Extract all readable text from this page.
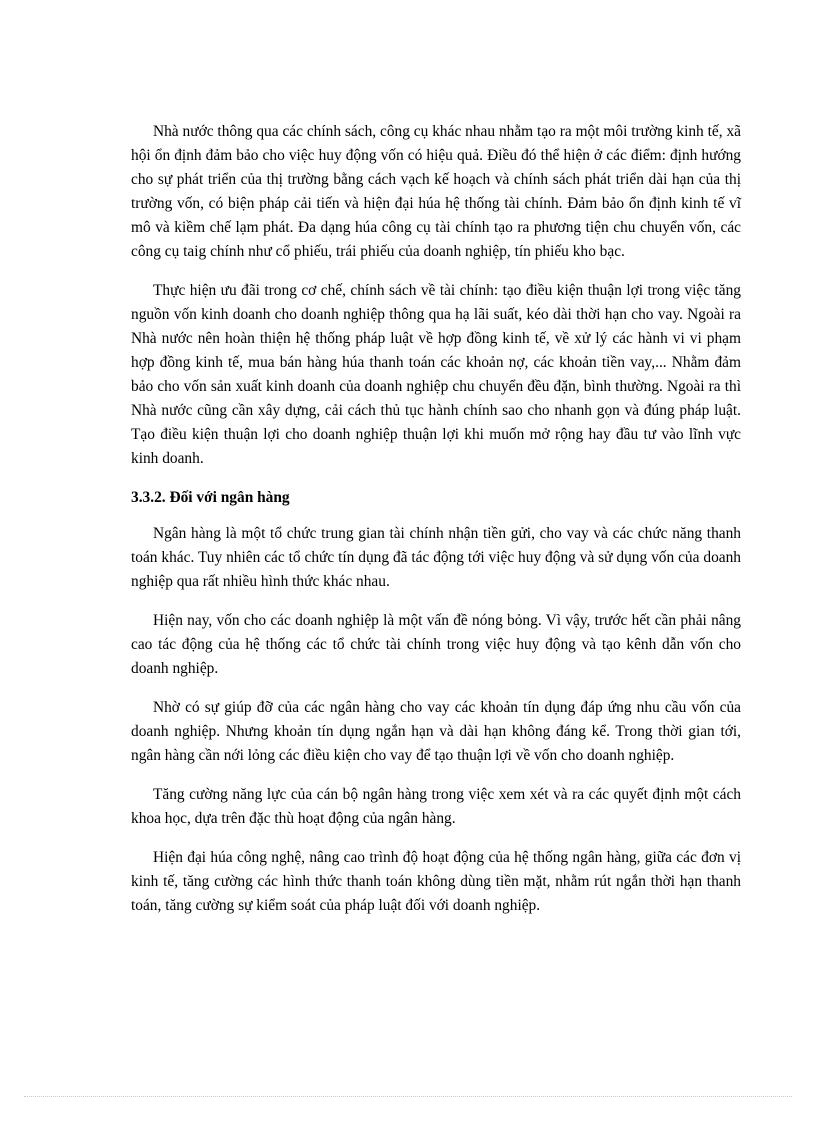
Nhà nước thông qua các chính sách, công cụ khác nhau nhằm tạo ra một môi trường kinh tế, xã hội ổn định đảm bảo cho việc huy động vốn có hiệu quả. Điều đó thể hiện ở các điểm: định hướng cho sự phát triển của thị trường bằng cách vạch kế hoạch và chính sách phát triển dài hạn của thị trường vốn, có biện pháp cải tiến và hiện đại húa hệ thống tài chính. Đảm bảo ổn định kinh tế vĩ mô và kiềm chế lạm phát. Đa dạng húa công cụ tài chính tạo ra phương tiện chu chuyển vốn, các công cụ taig chính như cổ phiếu, trái phiếu của doanh nghiệp, tín phiếu kho bạc.

Thực hiện ưu đãi trong cơ chế, chính sách về tài chính: tạo điều kiện thuận lợi trong việc tăng nguồn vốn kinh doanh cho doanh nghiệp thông qua hạ lãi suất, kéo dài thời hạn cho vay. Ngoài ra Nhà nước nên hoàn thiện hệ thống pháp luật về hợp đồng kinh tế, về xử lý các hành vi vi phạm hợp đồng kinh tế, mua bán hàng húa thanh toán các khoản nợ, các khoản tiền vay,... Nhằm đảm bảo cho vốn sản xuất kinh doanh của doanh nghiệp chu chuyển đều đặn, bình thường. Ngoài ra thì Nhà nước cũng cần xây dựng, cải cách thủ tục hành chính sao cho nhanh gọn và đúng pháp luật. Tạo điều kiện thuận lợi cho doanh nghiệp thuận lợi khi muốn mở rộng hay đầu tư vào lĩnh vực kinh doanh.

3.3.2. Đối với ngân hàng

Ngân hàng là một tổ chức trung gian tài chính nhận tiền gửi, cho vay và các chức năng thanh toán khác. Tuy nhiên các tổ chức tín dụng đã tác động tới việc huy động và sử dụng vốn của doanh nghiệp qua rất nhiều hình thức khác nhau.

Hiện nay, vốn cho các doanh nghiệp là một vấn đề nóng bỏng. Vì vậy, trước hết cần phải nâng cao tác động của hệ thống các tổ chức tài chính trong việc huy động và tạo kênh dẫn vốn cho doanh nghiệp.

Nhờ có sự giúp đỡ của các ngân hàng cho vay các khoản tín dụng đáp ứng nhu cầu vốn của doanh nghiệp. Nhưng khoản tín dụng ngắn hạn và dài hạn không đáng kể. Trong thời gian tới, ngân hàng cần nới lỏng các điều kiện cho vay để tạo thuận lợi về vốn cho doanh nghiệp.

Tăng cường năng lực của cán bộ ngân hàng trong việc xem xét và ra các quyết định một cách khoa học, dựa trên đặc thù hoạt động của ngân hàng.

Hiện đại húa công nghệ, nâng cao trình độ hoạt động của hệ thống ngân hàng, giữa các đơn vị kinh tế, tăng cường các hình thức thanh toán không dùng tiền mặt, nhằm rút ngắn thời hạn thanh toán, tăng cường sự kiểm soát của pháp luật đối với doanh nghiệp.
